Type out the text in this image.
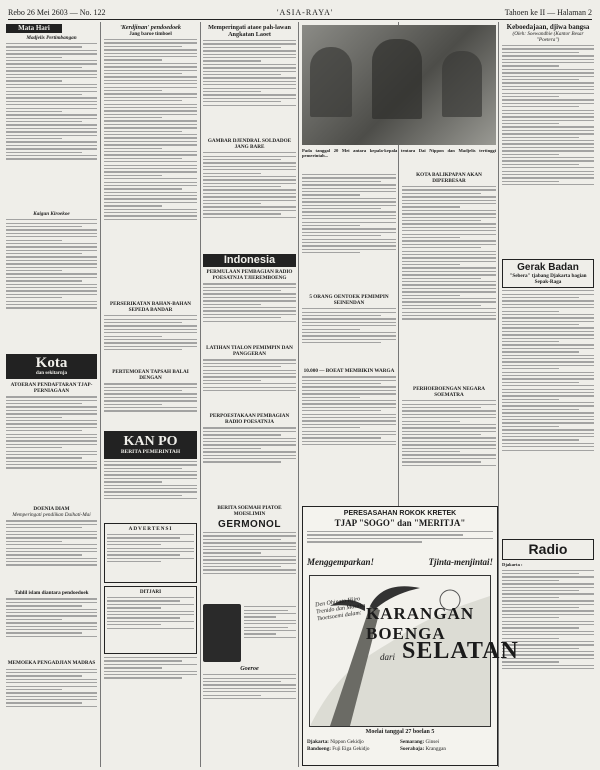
Rebo 26 Mei 2603 — No. 122	'ASIA-RAYA'	Tahoen ke II — Halaman 2
Mata Hari
Madjelis Pertimbangan
Kaigun Kiroekoe
Kota
dan sekitarnja
ATOERAN PENDAFTARAN TJAP-PERNIAGAAN
DOENIA DIAM
Memperingati pendiikan Daihati-Mai
Tahlil islam diantara pendoedoek
MEMOEKA PENGADJIAN MADRAS
'Kerdjinan' pendoedoek
Jang baroe timboel
PERSERIKATAN BAHAN-BAHAN SEPEDA BANDAR
PERTEMOEAN TAPSAH BALAI DENGAN
KAN PO
BERITA PEMERINTAH
ADVERTENSI
DITJARI
Memperingati ataoe pah-lawan Angkatan Laoet
GAMBAR DJENDRAL SOLDADOE JANG BARE
Indonesia
PERMULAAN PEMBAGIAN RADIO POESATNJA TJIEREMBOENG
LATIHAN TIALON PEMIMPIN DAN PANGGERAN
PERPOESTAKAAN PEMBAGIAN RADIO POESATNJA
BERITA SOEMAH PIATOE MOESLIMIN
GERMONOL
Goeroe
Pada tanggal 20 Mei antara kepala-kepala tentara Dai Nippon dan Madjelis tertinggi pemerintah...
5 ORANG OENTOEK PEMIMPIN SEINENDAN
10.000 — BOEAT MEMBIKIN WARGA
KOTA BALIKPAPAN AKAN DIPERBESAR
PERHOEBOENGAN NEGARA SOEMATRA
Keboedajaan, djiwa bangsa
(Oleh: Soewandhie (Kantor Besar "Poetera")
Gerak Badan
"Sebera" tjabang Djakarta bagian Sepak-Raga
Radio
Djakarta :
PERESASAHAN ROKOK KRETEK
TJAP "SOGO" dan "MERITJA"
Menggemparkan!	Tjinta-menjintai!
Den Ohinato Hjiro Trenido dan Masako Tsoetsoemi dalam: KARANGAN BOENGA
dari SELATAN
Moelai tanggal 27 boelan 5
Djakarta: Nippon Gekidjo	Semarang: Ginsei
Bandoeng: Fuji Eiga Gekidjo	Soerabaja: Kranggan
